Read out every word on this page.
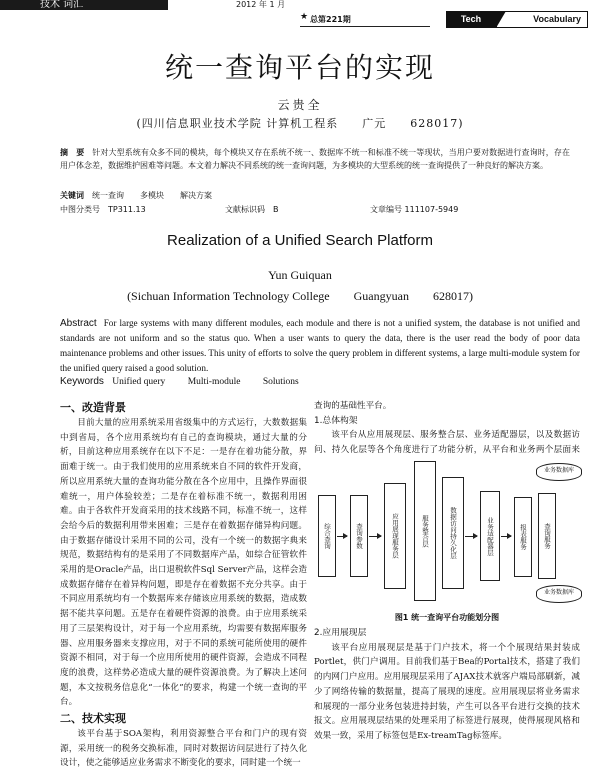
技术 词汇	2012 年 1 月
★ 总第221期	Tech	Vocabulary
统一查询平台的实现
云贵全
(四川信息职业技术学院 计算机工程系　　广元　　628017)
摘　要 针对大型系统有众多不同的模块，每个模块又存在系统不统一、数据库不统一和标准不统一等现状，当用户要对数据进行查询时，存在用户体念差，数据维护困难等问题。本文着力解决不同系统的统一查询问题，为多模块的大型系统的统一查询提供了一种良好的解决方案。
关键词 统一查询　　多模块　　解决方案
中图分类号　TP311.13	文献标识码　B	文章编号 111107-5949
Realization of a Unified Search Platform
Yun Guiquan
(Sichuan Information Technology College　　Guangyuan　　628017)
Abstract For large systems with many different modules, each module and there is not a unified system, the database is not unified and standards are not uniform and so the status quo. When a user wants to query the data, there is the user read the body of poor data maintenance problems and other issues. This unity of efforts to solve the query problem in different systems, a large multi-module system for the unified query raised a good solution.
Keywords Unified query Multi-module Solutions
一、改造背景

目前大量的应用系统采用省级集中的方式运行，大数数据集中到省局，各个应用系统均有自己的查询模块，通过大量的分析，目前这种应用系统存在以下不足：一是存在着功能分散，界面难于统一。由于我们使用的应用系统来自不同的软件开发商，所以应用系统大量的查询功能分散在各个应用中，且操作界面很难统一，用户体验较差；二是存在着标准不统一，数据利用困难。由于各软件开发商采用的技术线路不同，标准不统一，这样会给今后的数据利用带来困难；三是存在着数据存储异构问题。由于数据存储设计采用不同的公司，没有一个统一的数据字典来规范，数据结构有的是采用了不同数据库产品，如综合征管软件采用的是Oracle产品，出口退税软件Sql Server产品，这样会造成数据存储存在着异构问题，即是存在着数据不充分共享。由于不同应用系统均有一个数据库来存储该应用系统的数据，造成数据不能共享问题。五是存在着硬件资源的浪费。由于应用系统采用了三层架构设计，对于每一个应用系统，均需要有数据库服务器、应用服务器来支撑应用，对于不同的系统可能所使用的硬件资源不相同，对于每一个应用所使用的硬件资源，会造成不同程度的浪费，这样势必造成大量的硬件资源浪费。为了解决上述问题，本文按税务信息化“一体化”的要求，构建一个统一查询的平台。

二、技术实现

该平台基于SOA架构，利用资源整合平台和门户的现有资源，采用统一的税务交换标准，同时对数据访问层进行了持久化设计，使之能够适应业务需求不断变化的要求，同时建一个统一

查询的基础性平台。

1.总体构架

该平台从应用展现层、服务整合层、业务适配器层，以及数据访问、持久化层等各个角度进行了功能分析，从平台和业务两个层面来

综合查询	查询参数	应用展现服务层	服务整合层	数据访问持久化层	业务适配器层	报表服务	查询服务
业务数据库
业务数据库
图1 统一查询平台功能划分图
2.应用展现层

该平台应用展现层是基于门户技术，将一个个展现结果封装成Portlet，供门户调用。目前我们基于Bea的Portal技术，搭建了我们的内网门户应用。应用展现层采用了AJAX技术就客户端局部刷新，减少了网络传输的数据量，提高了展现的速度。应用展现层将业务需求和展现的一部分业务包装进持封装，产生可以各平台进行交换的技术报文。应用展现层结果的处理采用了标签进行展现，使得展现风格和效果一致，采用了标签包是Ex-treamTag标签库。
